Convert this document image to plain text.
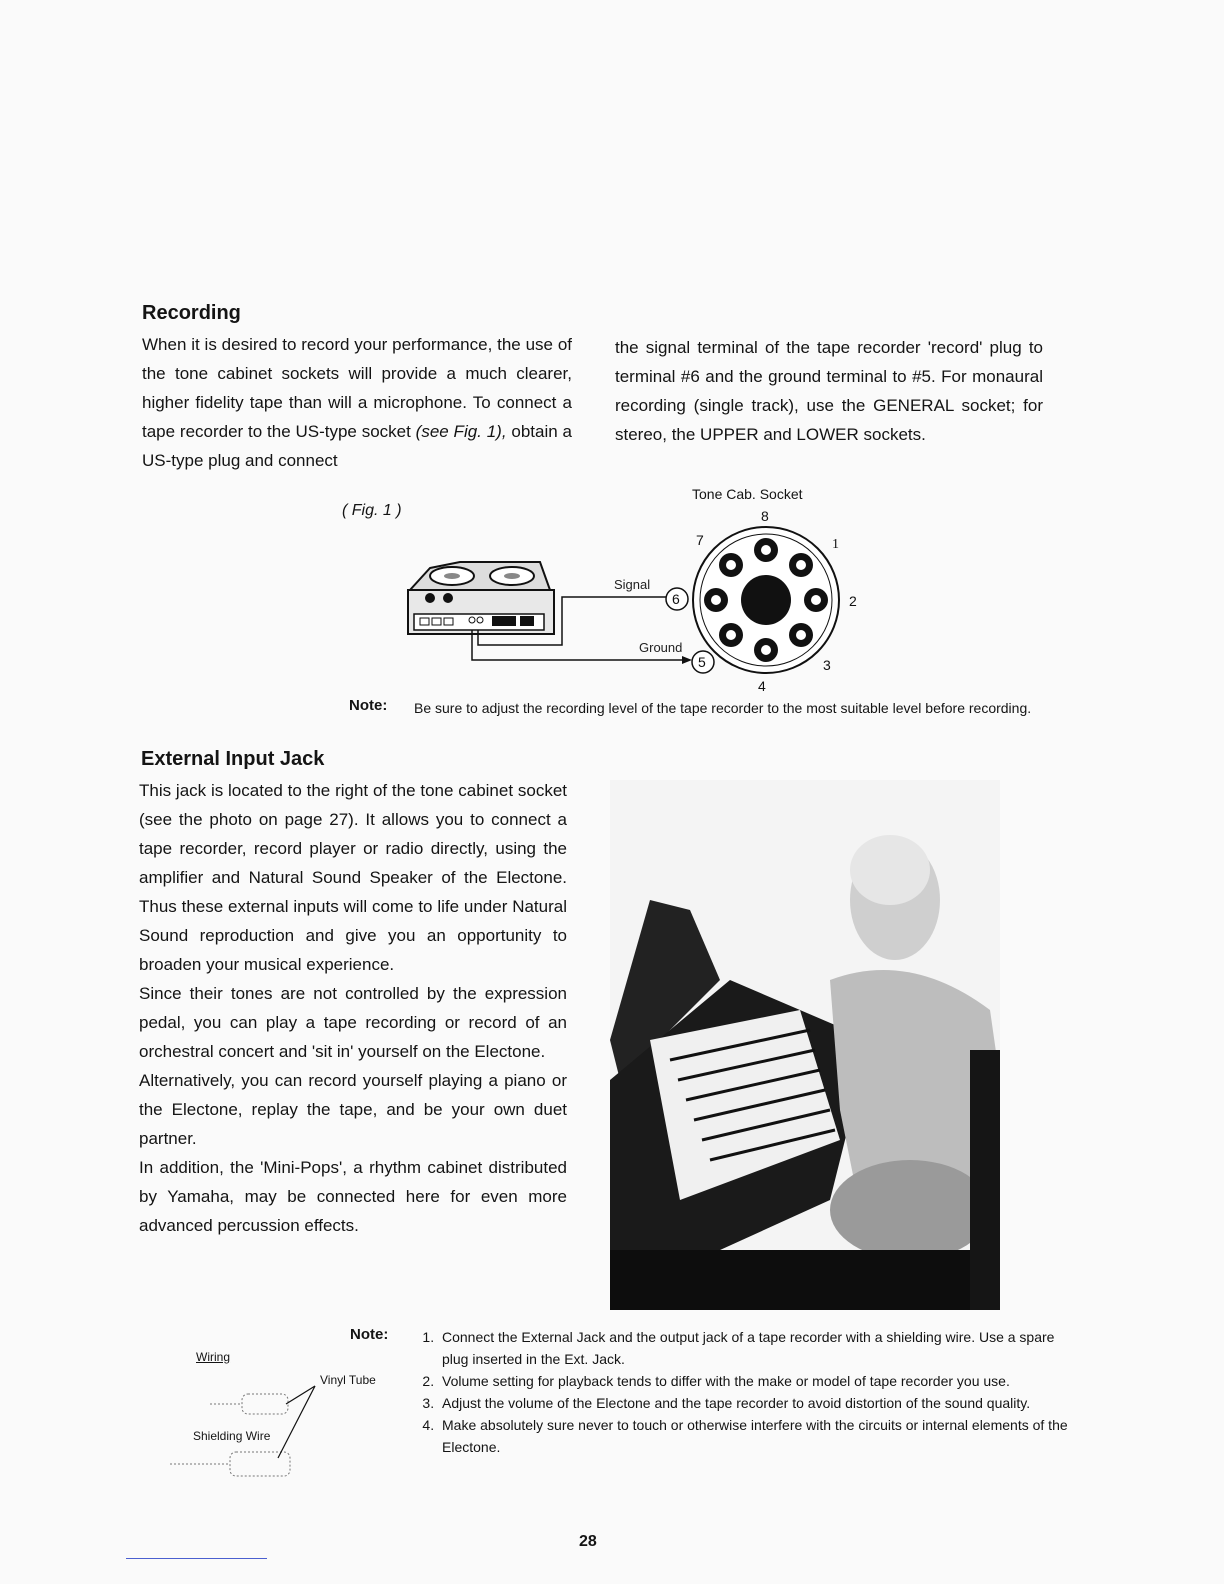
Recording
When it is desired to record your performance, the use of the tone cabinet sockets will provide a much clearer, higher fidelity tape than will a microphone. To connect a tape recorder to the US-type socket (see Fig. 1), obtain a US-type plug and connect
the signal terminal of the tape recorder 'record' plug to terminal #6 and the ground terminal to #5. For monaural recording (single track), use the GENERAL socket; for stereo, the UPPER and LOWER sockets.
( Fig. 1 )
Tone Cab. Socket
Signal
Ground
6
5
8
1
2
3
4
7
Note: Be sure to adjust the recording level of the tape recorder to the most suitable level before recording.
External Input Jack
This jack is located to the right of the tone cabinet socket (see the photo on page 27). It allows you to connect a tape recorder, record player or radio directly, using the amplifier and Natural Sound Speaker of the Electone. Thus these external inputs will come to life under Natural Sound reproduction and give you an opportunity to broaden your musical experience.
Since their tones are not controlled by the expression pedal, you can play a tape recording or record of an orchestral concert and 'sit in' yourself on the Electone.
Alternatively, you can record yourself playing a piano or the Electone, replay the tape, and be your own duet partner.
In addition, the 'Mini-Pops', a rhythm cabinet distributed by Yamaha, may be connected here for even more advanced percussion effects.
Wiring
Vinyl Tube
Shielding Wire
Note:
1.	Connect the External Jack and the output jack of a tape recorder with a shielding wire. Use a spare plug inserted in the Ext. Jack.
2. Volume setting for playback tends to differ with the make or model of tape recorder you use.
3. Adjust the volume of the Electone and the tape recorder to avoid distortion of the sound quality.
4. Make absolutely sure never to touch or otherwise interfere with the circuits or internal elements of the Electone.
28
